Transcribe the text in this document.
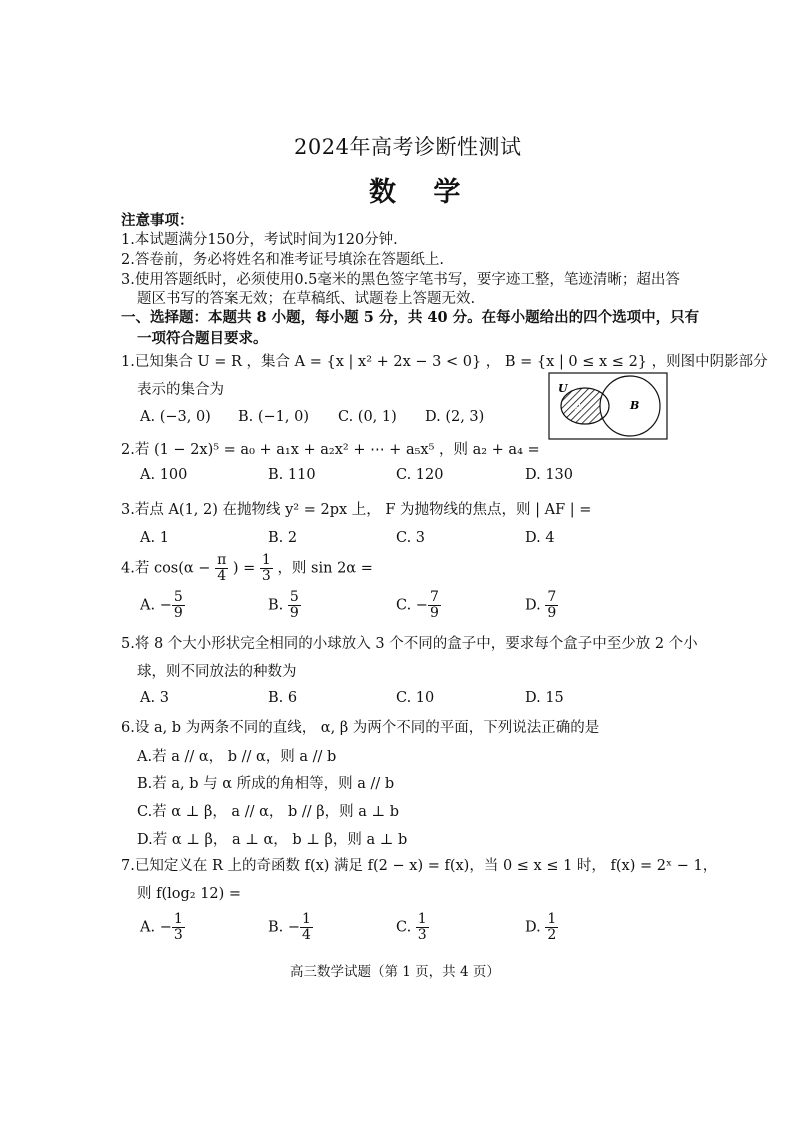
2024年高考诊断性测试
数 学
注意事项：
1.本试题满分150分，考试时间为120分钟.
2.答卷前，务必将姓名和准考证号填涂在答题纸上.
3.使用答题纸时，必须使用0.5毫米的黑色签字笔书写，要字迹工整，笔迹清晰；超出答
题区书写的答案无效；在草稿纸、试题卷上答题无效.
一、选择题：本题共 8 小题，每小题 5 分，共 40 分。在每小题给出的四个选项中，只有
一项符合题目要求。
1.已知集合 U = R ，集合 A = {x | x² + 2x − 3 < 0} ， B = {x | 0 ≤ x ≤ 2} ，则图中阴影部分
表示的集合为
A. (−3, 0) B. (−1, 0) C. (0, 1) D. (2, 3)
U
A	B
2.若 (1 − 2x)⁵ = a₀ + a₁x + a₂x² + ⋯ + a₅x⁵ ，则 a₂ + a₄ =
A. 100	B. 110	C. 120	D. 130
3.若点 A(1, 2) 在抛物线 y² = 2px 上， F 为抛物线的焦点，则 | AF | =
A. 1	B. 2	C. 3	D. 4
4.若 $\cos(\alpha - \frac{\pi}{4}$ ) = $\frac{1}{3}$ ，则 sin 2α =
A. − $\frac{5}{9}$	B. $\frac{5}{9}$	C. − $\frac{7}{9}$	D. $\frac{7}{9}$
5.将 8 个大小形状完全相同的小球放入 3 个不同的盒子中，要求每个盒子中至少放 2 个小
球，则不同放法的种数为
A. 3	B. 6	C. 10	D. 15
6.设 a, b 为两条不同的直线， α, β 为两个不同的平面，下列说法正确的是
A.若 a // α， b // α，则 a // b
B.若 a, b 与 α 所成的角相等，则 a // b
C.若 α ⊥ β， a // α， b // β，则 a ⊥ b
D.若 α ⊥ β， a ⊥ α， b ⊥ β，则 a ⊥ b
7.已知定义在 R 上的奇函数 f(x) 满足 f(2 − x) = f(x)，当 0 ≤ x ≤ 1 时， f(x) = 2ˣ − 1，
则 f(log₂ 12) =
A. − $\frac{1}{3}$	B. − $\frac{1}{4}$	C. $\frac{1}{3}$	D. $\frac{1}{2}$
高三数学试题（第 1 页，共 4 页）
